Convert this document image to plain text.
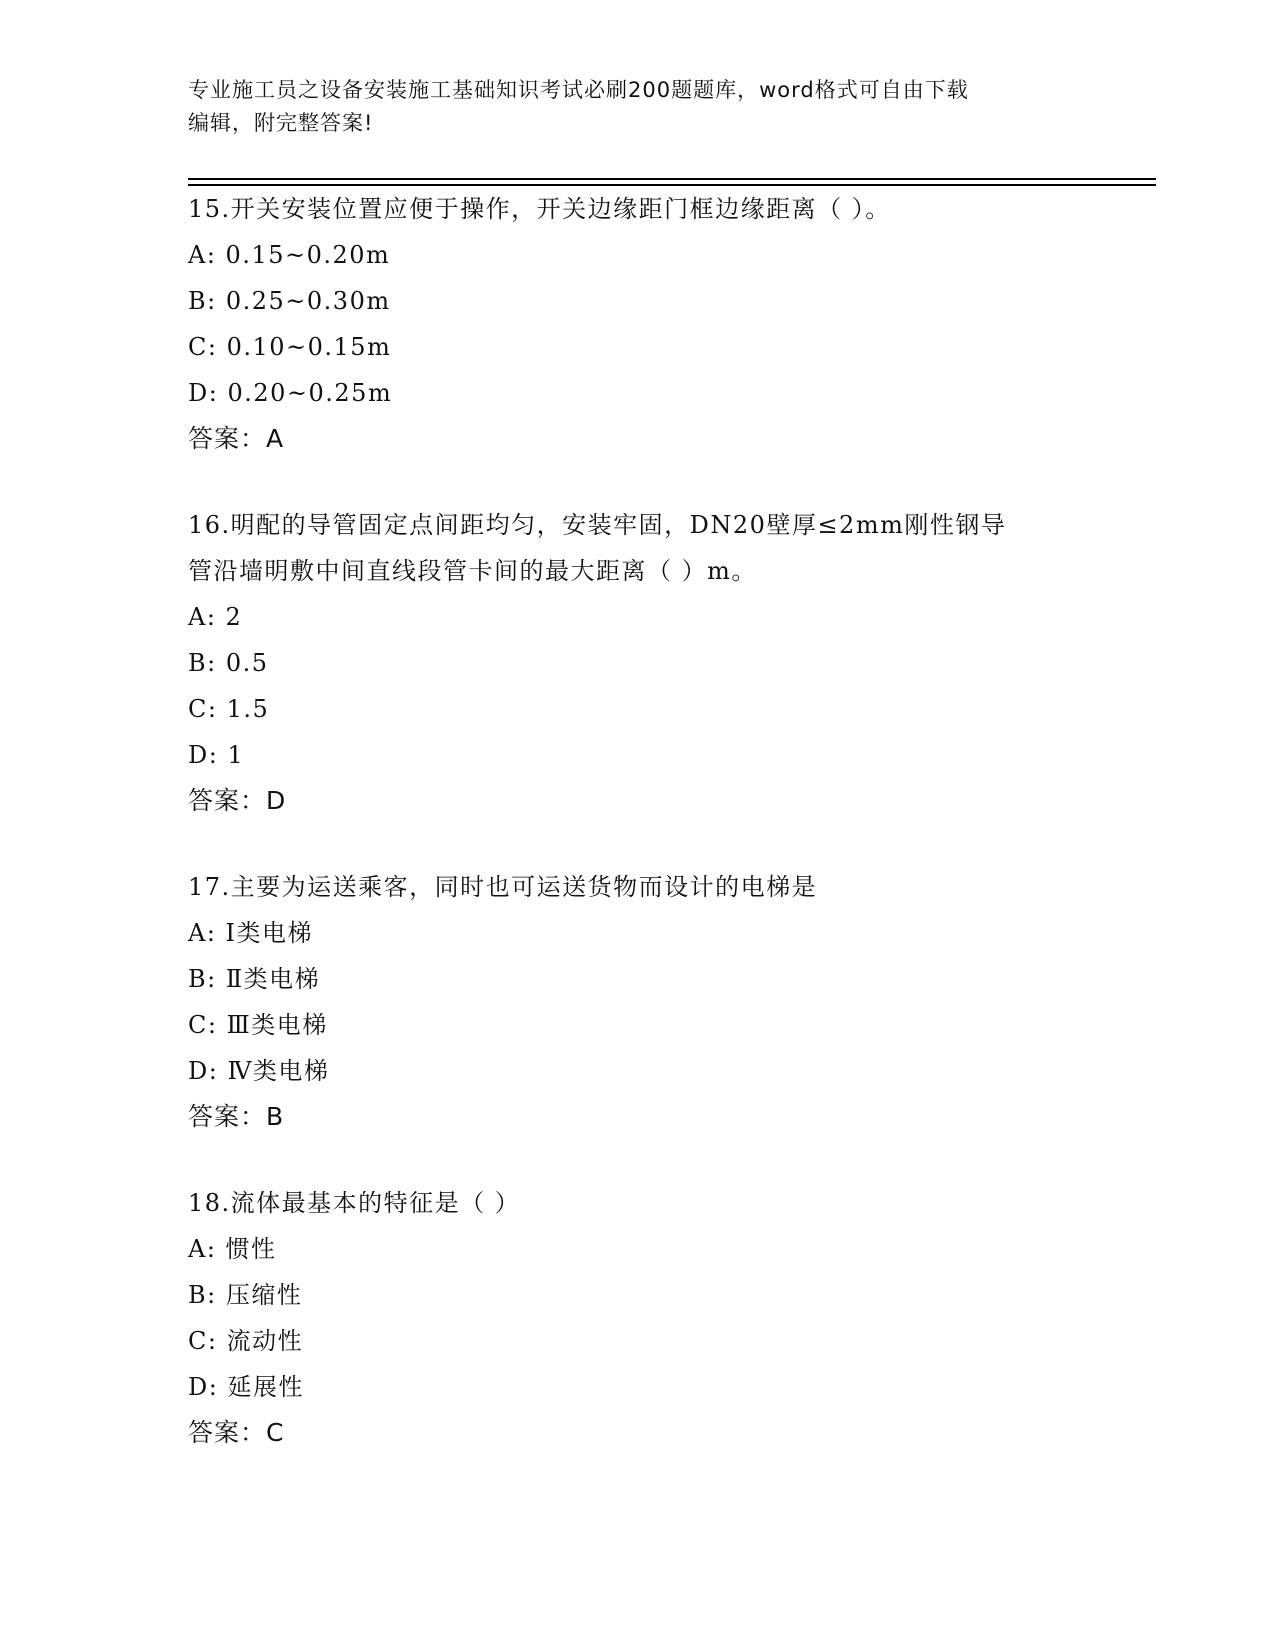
专业施工员之设备安装施工基础知识考试必刷200题题库，word格式可自由下载
编辑，附完整答案!
15.开关安装位置应便于操作，开关边缘距门框边缘距离（ ）。
A: 0.15~0.20m
B: 0.25~0.30m
C: 0.10~0.15m
D: 0.20~0.25m
答案：A
16.明配的导管固定点间距均匀，安装牢固，DN20壁厚≤2mm刚性钢导
管沿墙明敷中间直线段管卡间的最大距离（ ）m。
A: 2
B: 0.5
C: 1.5
D: 1
答案：D
17.主要为运送乘客，同时也可运送货物而设计的电梯是
A: Ⅰ类电梯
B: Ⅱ类电梯
C: Ⅲ类电梯
D: Ⅳ类电梯
答案：B
18.流体最基本的特征是（ ）
A: 惯性
B: 压缩性
C: 流动性
D: 延展性
答案：C
